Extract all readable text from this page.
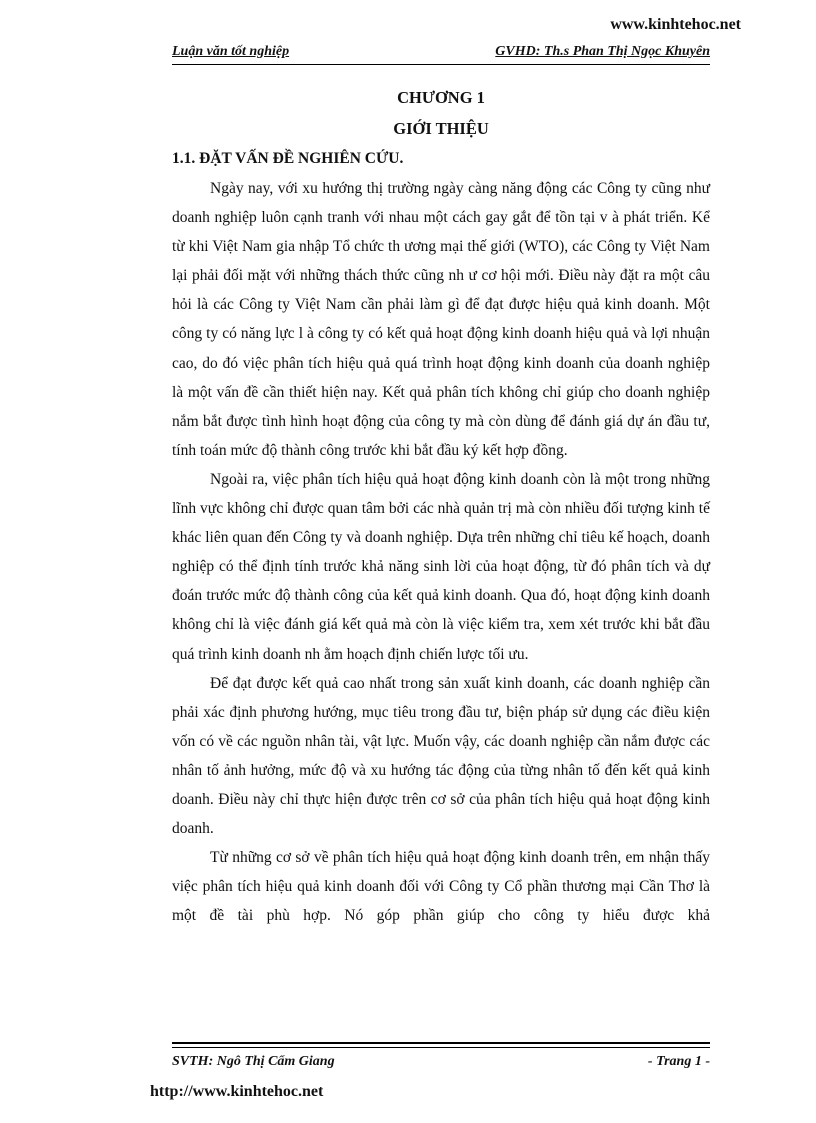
www.kinhtehoc.net
Luận văn tốt nghiệp	GVHD: Th.s Phan Thị Ngọc Khuyên
CHƯƠNG 1
GIỚI THIỆU
1.1. ĐẶT VẤN ĐỀ NGHIÊN CỨU.

Ngày nay, với xu hướng thị trường ngày càng năng động các Công ty cũng như doanh nghiệp luôn cạnh tranh với nhau một cách gay gắt để tồn tại v à phát triển. Kể từ khi Việt Nam gia nhập Tổ chức th ương mại thế giới (WTO), các Công ty Việt Nam lại phải đối mặt với những thách thức cũng nh ư cơ hội mới. Điều này đặt ra một câu hỏi là các Công ty Việt Nam cần phải làm gì để đạt được hiệu quả kinh doanh. Một công ty có năng lực l à công ty có kết quả hoạt động kinh doanh hiệu quả và lợi nhuận cao, do đó việc phân tích hiệu quả quá trình hoạt động kinh doanh của doanh nghiệp là một vấn đề cần thiết hiện nay. Kết quả phân tích không chỉ giúp cho doanh nghiệp nắm bắt được tình hình hoạt động của công ty mà còn dùng để đánh giá dự án đầu tư, tính toán mức độ thành công trước khi bắt đầu ký kết hợp đồng.

Ngoài ra, việc phân tích hiệu quả hoạt động kinh doanh còn là một trong những lĩnh vực không chỉ được quan tâm bởi các nhà quản trị mà còn nhiều đối tượng kinh tế khác liên quan đến Công ty và doanh nghiệp. Dựa trên những chỉ tiêu kế hoạch, doanh nghiệp có thể định tính trước khả năng sinh lời của hoạt động, từ đó phân tích và dự đoán trước mức độ thành công của kết quả kinh doanh. Qua đó, hoạt động kinh doanh không chỉ là việc đánh giá kết quả mà còn là việc kiểm tra, xem xét trước khi bắt đầu quá trình kinh doanh nh ằm hoạch định chiến lược tối ưu.

Để đạt được kết quả cao nhất trong sản xuất kinh doanh, các doanh nghiệp cần phải xác định phương hướng, mục tiêu trong đầu tư, biện pháp sử dụng các điều kiện vốn có về các nguồn nhân tài, vật lực. Muốn vậy, các doanh nghiệp cần nắm được các nhân tố ảnh hưởng, mức độ và xu hướng tác động của từng nhân tố đến kết quả kinh doanh. Điều này chỉ thực hiện được trên cơ sở của phân tích hiệu quả hoạt động kinh doanh.

Từ những cơ sở về phân tích hiệu quả hoạt động kinh doanh trên, em nhận thấy việc phân tích hiệu quả kinh doanh đối với Công ty Cổ phần thương mại Cần Thơ là một đề tài phù hợp. Nó góp phần giúp cho công ty hiểu được khả

SVTH: Ngô Thị Cẩm Giang	- Trang 1 -
http://www.kinhtehoc.net
